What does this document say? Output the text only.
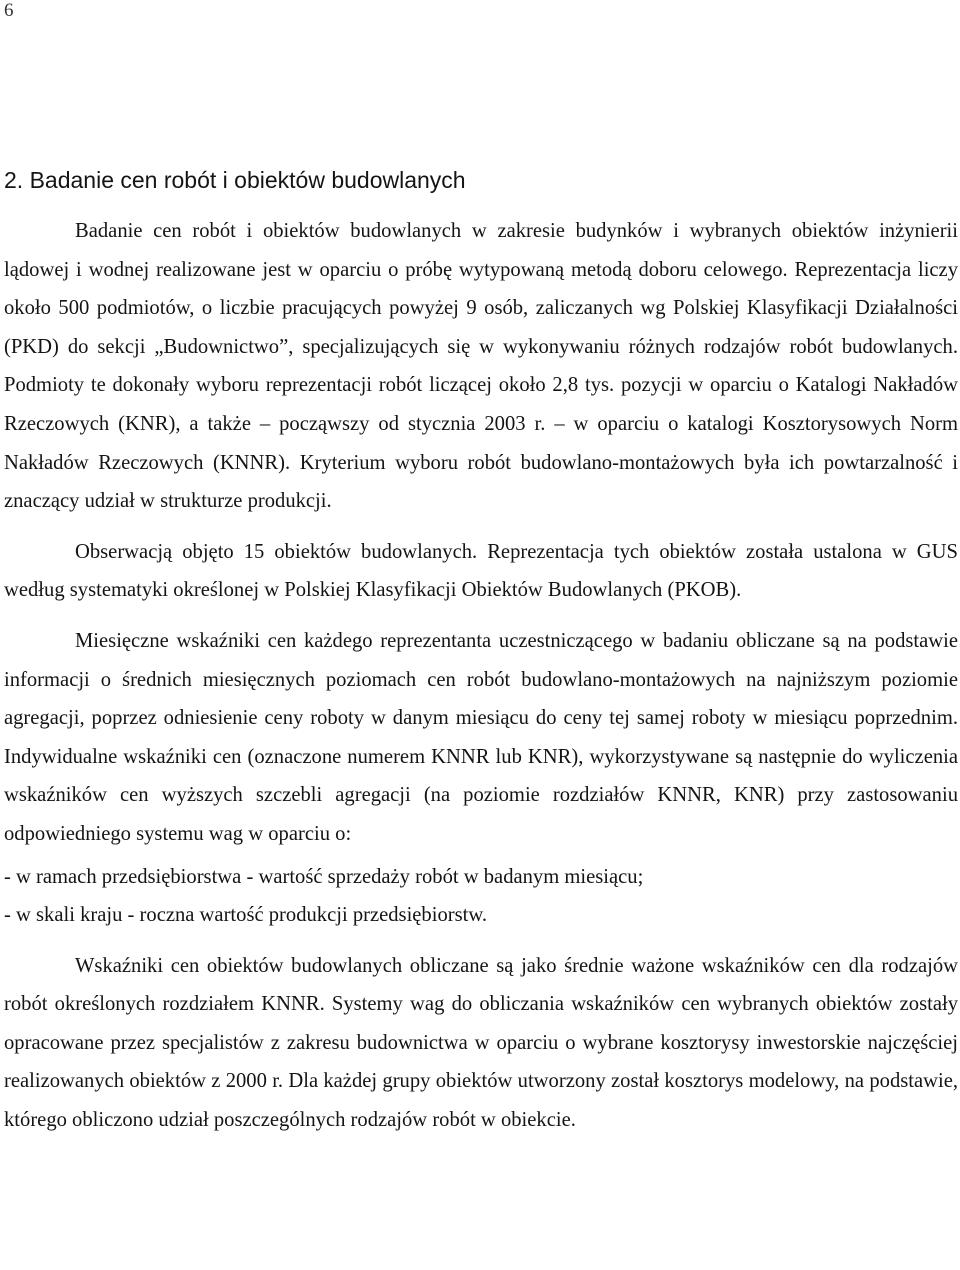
6
2. Badanie cen robót i obiektów budowlanych

Badanie cen robót i obiektów budowlanych w zakresie budynków i wybranych obiektów inżynierii lądowej i wodnej realizowane jest w oparciu o próbę wytypowaną metodą doboru celowego. Reprezentacja liczy około 500 podmiotów, o liczbie pracujących powyżej 9 osób, zaliczanych wg Polskiej Klasyfikacji Działalności (PKD) do sekcji „Budownictwo”, specjalizujących się w wykonywaniu różnych rodzajów robót budowlanych. Podmioty te dokonały wyboru reprezentacji robót liczącej około 2,8 tys. pozycji w oparciu o Katalogi Nakładów Rzeczowych (KNR), a także – począwszy od stycznia 2003 r. – w oparciu o katalogi Kosztorysowych Norm Nakładów Rzeczowych (KNNR). Kryterium wyboru robót budowlano-montażowych była ich powtarzalność i znaczący udział w strukturze produkcji.

Obserwacją objęto 15 obiektów budowlanych. Reprezentacja tych obiektów została ustalona w GUS według systematyki określonej w Polskiej Klasyfikacji Obiektów Budowlanych (PKOB).

Miesięczne wskaźniki cen każdego reprezentanta uczestniczącego w badaniu obliczane są na podstawie informacji o średnich miesięcznych poziomach cen robót budowlano-montażowych na najniższym poziomie agregacji, poprzez odniesienie ceny roboty w danym miesiącu do ceny tej samej roboty w miesiącu poprzednim. Indywidualne wskaźniki cen (oznaczone numerem KNNR lub KNR), wykorzystywane są następnie do wyliczenia wskaźników cen wyższych szczebli agregacji (na poziomie rozdziałów KNNR, KNR) przy zastosowaniu odpowiedniego systemu wag w oparciu o:

- w ramach przedsiębiorstwa - wartość sprzedaży robót w badanym miesiącu;
- w skali kraju - roczna wartość produkcji przedsiębiorstw.

Wskaźniki cen obiektów budowlanych obliczane są jako średnie ważone wskaźników cen dla rodzajów robót określonych rozdziałem KNNR. Systemy wag do obliczania wskaźników cen wybranych obiektów zostały opracowane przez specjalistów z zakresu budownictwa w oparciu o wybrane kosztorysy inwestorskie najczęściej realizowanych obiektów z 2000 r. Dla każdej grupy obiektów utworzony został kosztorys modelowy, na podstawie, którego obliczono udział poszczególnych rodzajów robót w obiekcie.
